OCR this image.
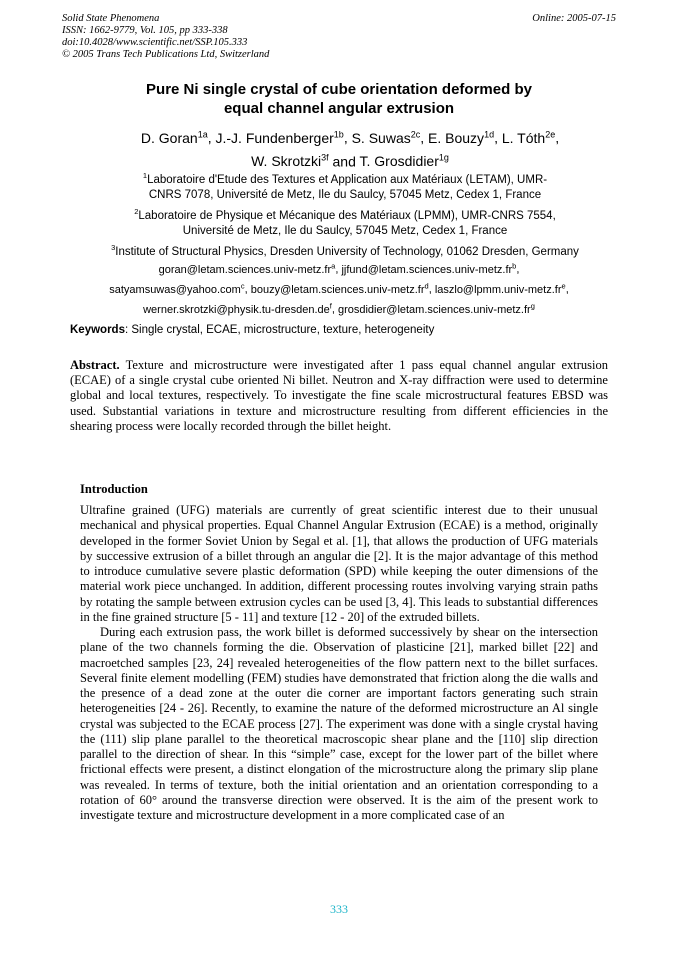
Solid State Phenomena
ISSN: 1662-9779, Vol. 105, pp 333-338
doi:10.4028/www.scientific.net/SSP.105.333
© 2005 Trans Tech Publications Ltd, Switzerland
Online: 2005-07-15
Pure Ni single crystal of cube orientation deformed by
equal channel angular extrusion
D. Goran$^{1a}$, J.-J. Fundenberger$^{1b}$, S. Suwas$^{2c}$, E. Bouzy$^{1d}$, L. Tóth$^{2e}$,
W. Skrotzki$^{3f}$ and T. Grosdidier$^{1g}$
$^1$Laboratoire d'Etude des Textures et Application aux Matériaux (LETAM), UMR-
CNRS 7078, Université de Metz, Ile du Saulcy, 57045 Metz, Cedex 1, France
$^2$Laboratoire de Physique et Mécanique des Matériaux (LPMM), UMR-CNRS 7554,
Université de Metz, Ile du Saulcy, 57045 Metz, Cedex 1, France
$^3$Institute of Structural Physics, Dresden University of Technology, 01062 Dresden, Germany
$goran@letam.sciences.univ-metz.fr^a$, $jjfund@letam.sciences.univ-metz.fr^b$,
satyamsuwas@yahoo.com$^c$, $bouzy@letam.sciences.univ-metz.fr^d$, $laszlo@lpmm.univ-metz.fr^e$,
$werner.skrotzki@physik.tu-dresden.de^f$, $grosdidier@letam.sciences.univ-metz.fr^g$
Keywords: Single crystal, ECAE, microstructure, texture, heterogeneity
Abstract. Texture and microstructure were investigated after 1 pass equal channel angular extrusion (ECAE) of a single crystal cube oriented Ni billet. Neutron and X-ray diffraction were used to determine global and local textures, respectively. To investigate the fine scale microstructural features EBSD was used. Substantial variations in texture and microstructure resulting from different efficiencies in the shearing process were locally recorded through the billet height.
Introduction

Ultrafine grained (UFG) materials are currently of great scientific interest due to their unusual mechanical and physical properties. Equal Channel Angular Extrusion (ECAE) is a method, originally developed in the former Soviet Union by Segal et al. [1], that allows the production of UFG materials by successive extrusion of a billet through an angular die [2]. It is the major advantage of this method to introduce cumulative severe plastic deformation (SPD) while keeping the outer dimensions of the material work piece unchanged. In addition, different processing routes involving varying strain paths by rotating the sample between extrusion cycles can be used [3, 4]. This leads to substantial differences in the fine grained structure [5 - 11] and texture [12 - 20] of the extruded billets.

During each extrusion pass, the work billet is deformed successively by shear on the intersection plane of the two channels forming the die. Observation of plasticine [21], marked billet [22] and macroetched samples [23, 24] revealed heterogeneities of the flow pattern next to the billet surfaces. Several finite element modelling (FEM) studies have demonstrated that friction along the die walls and the presence of a dead zone at the outer die corner are important factors generating such strain heterogeneities [24 - 26]. Recently, to examine the nature of the deformed microstructure an Al single crystal was subjected to the ECAE process [27]. The experiment was done with a single crystal having the (111) slip plane parallel to the theoretical macroscopic shear plane and the [110] slip direction parallel to the direction of shear. In this “simple” case, except for the lower part of the billet where frictional effects were present, a distinct elongation of the microstructure along the primary slip plane was revealed. In terms of texture, both the initial orientation and an orientation corresponding to a rotation of 60° around the transverse direction were observed. It is the aim of the present work to investigate texture and microstructure development in a more complicated case of an

333
